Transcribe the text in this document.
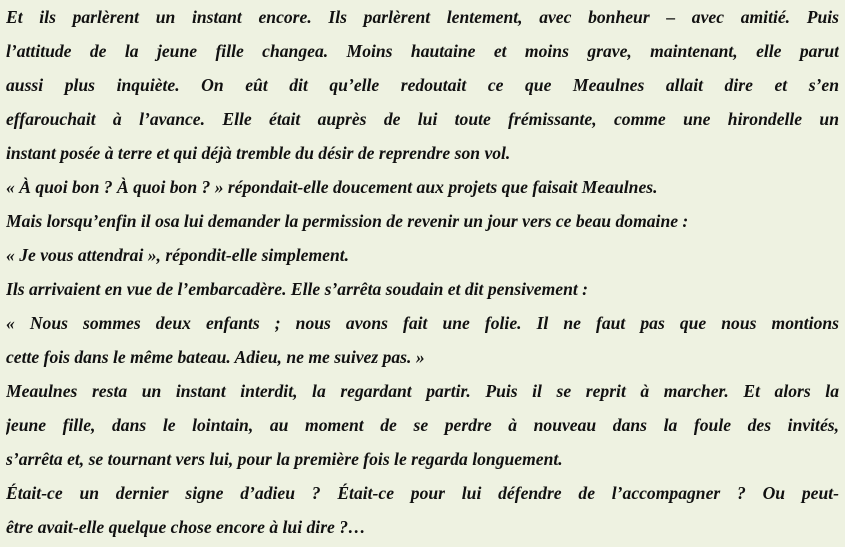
Et ils parlèrent un instant encore. Ils parlèrent lentement, avec bonheur – avec amitié. Puis
l’attitude de la jeune fille changea. Moins hautaine et moins grave, maintenant, elle parut
aussi plus inquiète. On eût dit qu’elle redoutait ce que Meaulnes allait dire et s’en
effarouchait à l’avance. Elle était auprès de lui toute frémissante, comme une hirondelle un
instant posée à terre et qui déjà tremble du désir de reprendre son vol.
« À quoi bon ? À quoi bon ? » répondait-elle doucement aux projets que faisait Meaulnes.
Mais lorsqu’enfin il osa lui demander la permission de revenir un jour vers ce beau domaine :
« Je vous attendrai », répondit-elle simplement.
Ils arrivaient en vue de l’embarcadère. Elle s’arrêta soudain et dit pensivement :
« Nous sommes deux enfants ; nous avons fait une folie. Il ne faut pas que nous montions
cette fois dans le même bateau. Adieu, ne me suivez pas. »
Meaulnes resta un instant interdit, la regardant partir. Puis il se reprit à marcher. Et alors la
jeune fille, dans le lointain, au moment de se perdre à nouveau dans la foule des invités,
s’arrêta et, se tournant vers lui, pour la première fois le regarda longuement.
Était-ce un dernier signe d’adieu ? Était-ce pour lui défendre de l’accompagner ? Ou peut-
être avait-elle quelque chose encore à lui dire ?…
